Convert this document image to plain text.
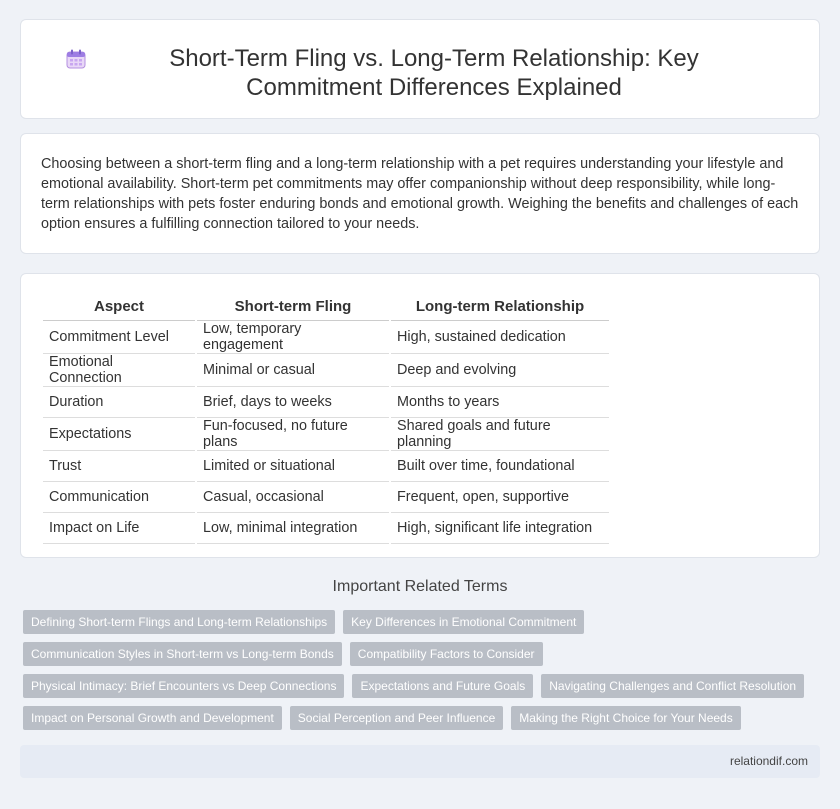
Short-Term Fling vs. Long-Term Relationship: Key Commitment Differences Explained

Choosing between a short-term fling and a long-term relationship with a pet requires understanding your lifestyle and emotional availability. Short-term pet commitments may offer companionship without deep responsibility, while long-term relationships with pets foster enduring bonds and emotional growth. Weighing the benefits and challenges of each option ensures a fulfilling connection tailored to your needs.

Aspect	Short-term Fling	Long-term Relationship
Commitment Level	Low, temporary engagement	High, sustained dedication
Emotional Connection	Minimal or casual	Deep and evolving
Duration	Brief, days to weeks	Months to years
Expectations	Fun-focused, no future plans	Shared goals and future planning
Trust	Limited or situational	Built over time, foundational
Communication	Casual, occasional	Frequent, open, supportive
Impact on Life	Low, minimal integration	High, significant life integration
Important Related Terms
Defining Short-term Flings and Long-term Relationships	Key Differences in Emotional Commitment
Communication Styles in Short-term vs Long-term Bonds	Compatibility Factors to Consider
Physical Intimacy: Brief Encounters vs Deep Connections	Expectations and Future Goals	Navigating Challenges and Conflict Resolution
Impact on Personal Growth and Development	Social Perception and Peer Influence	Making the Right Choice for Your Needs
relationdif.com
